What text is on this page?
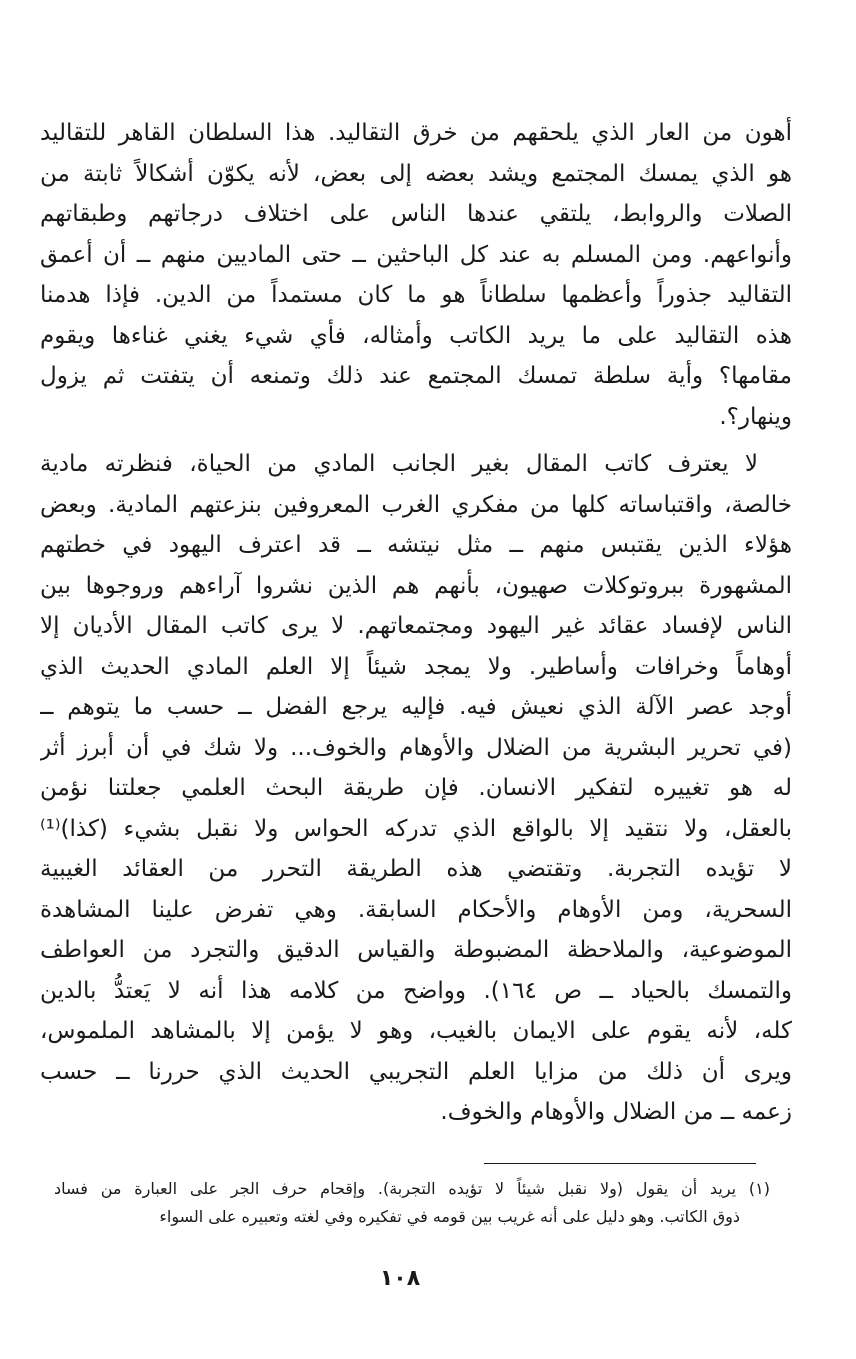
أهون من العار الذي يلحقهم من خرق التقاليد. هذا السلطان القاهر للتقاليد
هو الذي يمسك المجتمع ويشد بعضه إلى بعض، لأنه يكوّن أشكالاً ثابتة من
الصلات والروابط، يلتقي عندها الناس على اختلاف درجاتهم وطبقاتهم
وأنواعهم. ومن المسلم به عند كل الباحثين ــ حتى الماديين منهم ــ أن أعمق
التقاليد جذوراً وأعظمها سلطاناً هو ما كان مستمداً من الدين. فإذا هدمنا
هذه التقاليد على ما يريد الكاتب وأمثاله، فأي شيء يغني غناءها ويقوم
مقامها؟ وأية سلطة تمسك المجتمع عند ذلك وتمنعه أن يتفتت ثم يزول
وينهار؟.
لا يعترف كاتب المقال بغير الجانب المادي من الحياة، فنظرته مادية
خالصة، واقتباساته كلها من مفكري الغرب المعروفين بنزعتهم المادية. وبعض
هؤلاء الذين يقتبس منهم ــ مثل نيتشه ــ قد اعترف اليهود في خطتهم
المشهورة ببروتوكلات صهيون، بأنهم هم الذين نشروا آراءهم وروجوها بين
الناس لإفساد عقائد غير اليهود ومجتمعاتهم. لا يرى كاتب المقال الأديان إلا
أوهاماً وخرافات وأساطير. ولا يمجد شيئاً إلا العلم المادي الحديث الذي
أوجد عصر الآلة الذي نعيش فيه. فإليه يرجع الفضل ــ حسب ما يتوهم ــ
(في تحرير البشرية من الضلال والأوهام والخوف... ولا شك في أن أبرز أثر
له هو تغييره لتفكير الانسان. فإن طريقة البحث العلمي جعلتنا نؤمن
بالعقل، ولا نتقيد إلا بالواقع الذي تدركه الحواس ولا نقبل بشيء (كذا)⁽¹⁾
لا تؤيده التجربة. وتقتضي هذه الطريقة التحرر من العقائد الغيبية
السحرية، ومن الأوهام والأحكام السابقة. وهي تفرض علينا المشاهدة
الموضوعية، والملاحظة المضبوطة والقياس الدقيق والتجرد من العواطف
والتمسك بالحياد ــ ص ١٦٤). وواضح من كلامه هذا أنه لا يَعتدُّ بالدين
كله، لأنه يقوم على الايمان بالغيب، وهو لا يؤمن إلا بالمشاهد الملموس،
ويرى أن ذلك من مزايا العلم التجريبي الحديث الذي حررنا ــ حسب
زعمه ــ من الضلال والأوهام والخوف.
(١) يريد أن يقول (ولا نقبل شيئاً لا تؤيده التجربة). وإقحام حرف الجر على العبارة من فساد
ذوق الكاتب. وهو دليل على أنه غريب بين قومه في تفكيره وفي لغته وتعبيره على السواء
١٠٨
